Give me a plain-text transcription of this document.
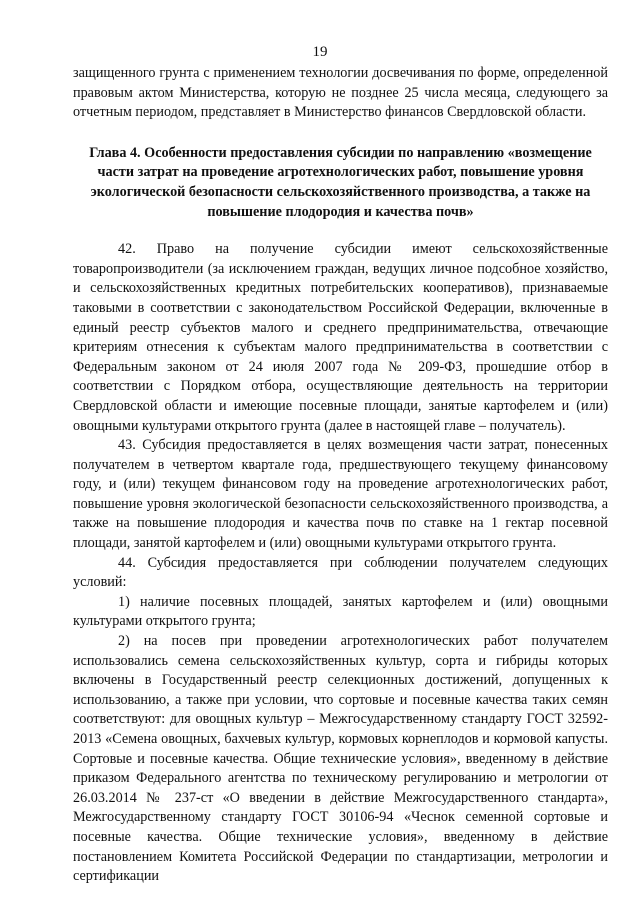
19

защищенного грунта с применением технологии досвечивания по форме, определенной правовым актом Министерства, которую не позднее 25 числа месяца, следующего за отчетным периодом, представляет в Министерство финансов Свердловской области.

Глава 4. Особенности предоставления субсидии по направлению «возмещение части затрат на проведение агротехнологических работ, повышение уровня экологической безопасности сельскохозяйственного производства, а также на повышение плодородия и качества почв»

42. Право на получение субсидии имеют сельскохозяйственные товаропроизводители (за исключением граждан, ведущих личное подсобное хозяйство, и сельскохозяйственных кредитных потребительских кооперативов), признаваемые таковыми в соответствии с законодательством Российской Федерации, включенные в единый реестр субъектов малого и среднего предпринимательства, отвечающие критериям отнесения к субъектам малого предпринимательства в соответствии с Федеральным законом от 24 июля 2007 года № 209-ФЗ, прошедшие отбор в соответствии с Порядком отбора, осуществляющие деятельность на территории Свердловской области и имеющие посевные площади, занятые картофелем и (или) овощными культурами открытого грунта (далее в настоящей главе – получатель).

43. Субсидия предоставляется в целях возмещения части затрат, понесенных получателем в четвертом квартале года, предшествующего текущему финансовому году, и (или) текущем финансовом году на проведение агротехнологических работ, повышение уровня экологической безопасности сельскохозяйственного производства, а также на повышение плодородия и качества почв по ставке на 1 гектар посевной площади, занятой картофелем и (или) овощными культурами открытого грунта.

44. Субсидия предоставляется при соблюдении получателем следующих условий:

1) наличие посевных площадей, занятых картофелем и (или) овощными культурами открытого грунта;

2) на посев при проведении агротехнологических работ получателем использовались семена сельскохозяйственных культур, сорта и гибриды которых включены в Государственный реестр селекционных достижений, допущенных к использованию, а также при условии, что сортовые и посевные качества таких семян соответствуют: для овощных культур – Межгосударственному стандарту ГОСТ 32592-2013 «Семена овощных, бахчевых культур, кормовых корнеплодов и кормовой капусты. Сортовые и посевные качества. Общие технические условия», введенному в действие приказом Федерального агентства по техническому регулированию и метрологии от 26.03.2014 № 237-ст «О введении в действие Межгосударственного стандарта», Межгосударственному стандарту ГОСТ 30106-94 «Чеснок семенной сортовые и посевные качества. Общие технические условия», введенному в действие постановлением Комитета Российской Федерации по стандартизации, метрологии и сертификации
